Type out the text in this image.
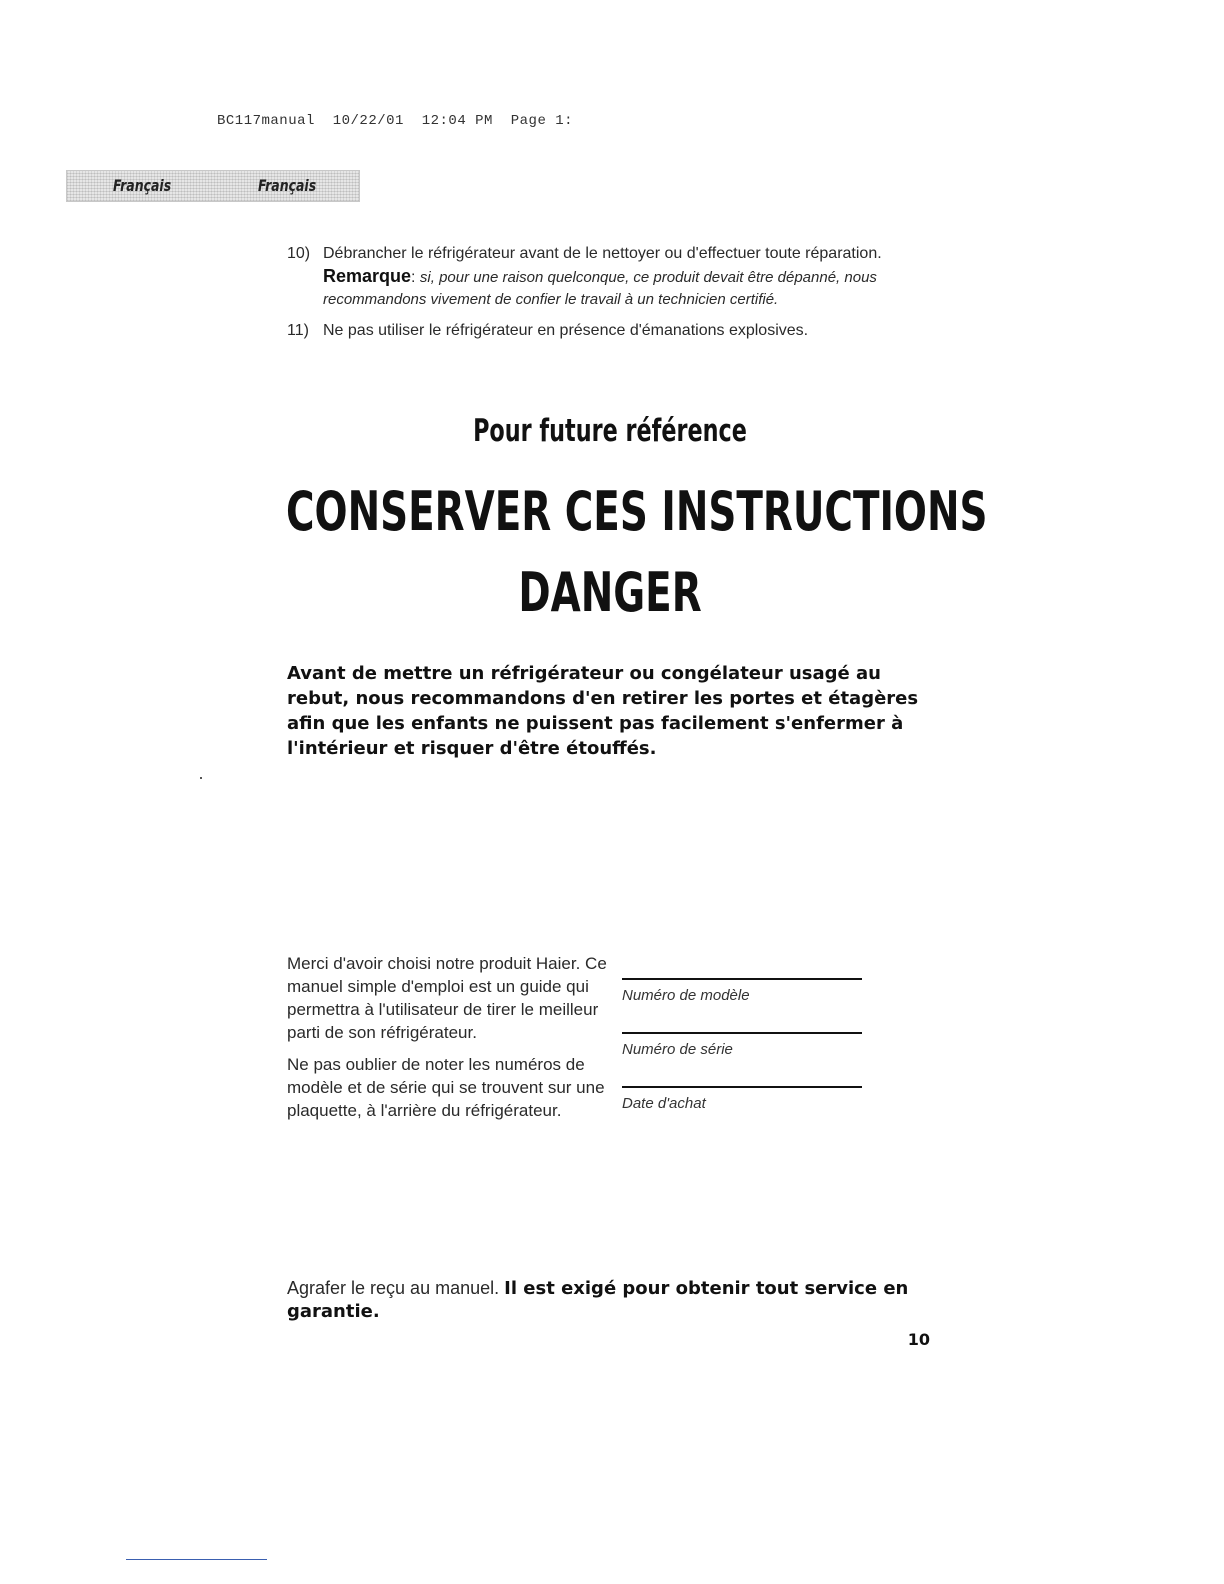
BC117manual  10/22/01  12:04 PM  Page 1:
Français	Français
10) Débrancher le réfrigérateur avant de le nettoyer ou d'effectuer toute réparation. Remarque: si, pour une raison quelconque, ce produit devait être dépanné, nous recommandons vivement de confier le travail à un technicien certifié.
11) Ne pas utiliser le réfrigérateur en présence d'émanations explosives.
Pour future référence
CONSERVER CES INSTRUCTIONS
DANGER
Avant de mettre un réfrigérateur ou congélateur usagé au rebut, nous recommandons d'en retirer les portes et étagères afin que les enfants ne puissent pas facilement s'enfermer à l'intérieur et risquer d'être étouffés.

Merci d'avoir choisi notre produit Haier. Ce manuel simple d'emploi est un guide qui permettra à l'utilisateur de tirer le meilleur parti de son réfrigérateur.

Ne pas oublier de noter les numéros de modèle et de série qui se trouvent sur une plaquette, à l'arrière du réfrigérateur.

Numéro de modèle
Numéro de série
Date d'achat
Agrafer le reçu au manuel. Il est exigé pour obtenir tout service en garantie.
10
